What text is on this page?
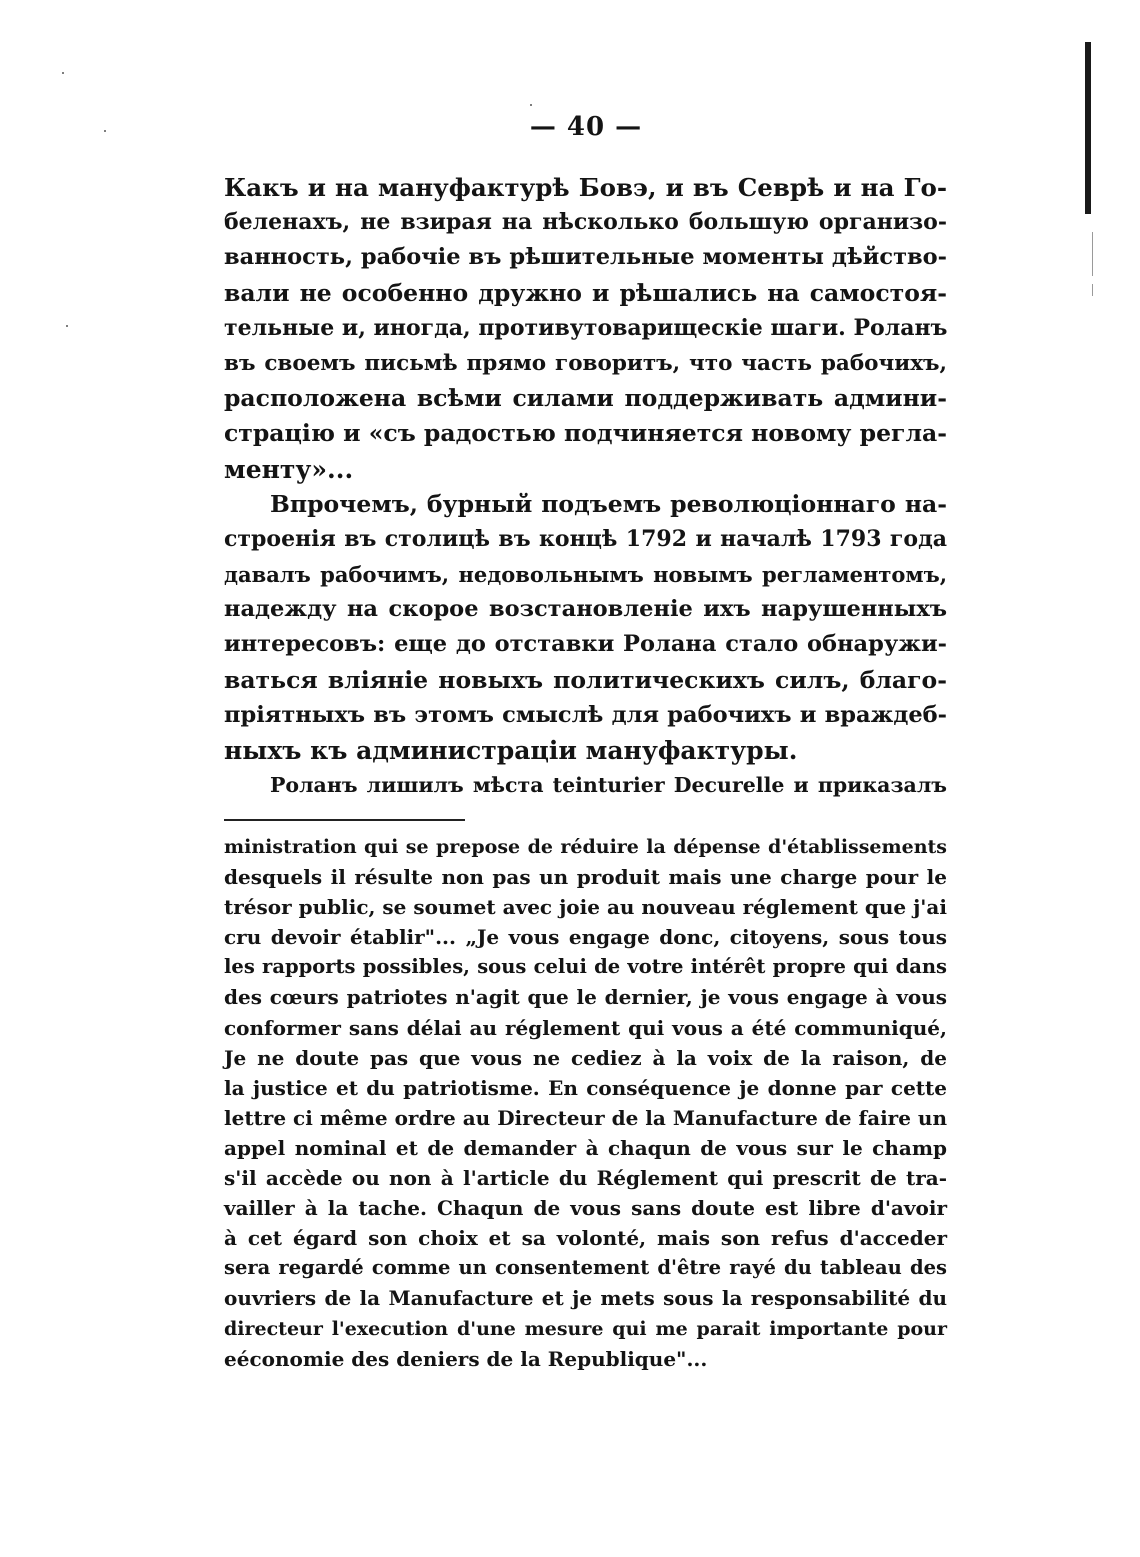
— 40 —
Какъ и на мануфактурѣ Бовэ, и въ Севрѣ и на Го-
беленахъ, не взирая на нѣсколько большую организо-
ванность, рабочіе въ рѣшительные моменты дѣйство-
вали не особенно дружно и рѣшались на самостоя-
тельные и, иногда, противутоварищескіе шаги. Роланъ
въ своемъ письмѣ прямо говоритъ, что часть рабочихъ,
расположена всѣми силами поддерживать админи-
страцію и «съ радостью подчиняется новому регла-
менту»...
Впрочемъ, бурный подъемъ революціоннаго на-
строенія въ столицѣ въ концѣ 1792 и началѣ 1793 года
давалъ рабочимъ, недовольнымъ новымъ регламентомъ,
надежду на скорое возстановленіе ихъ нарушенныхъ
интересовъ: еще до отставки Ролана стало обнаружи-
ваться вліяніе новыхъ политическихъ силъ, благо-
пріятныхъ въ этомъ смыслѣ для рабочихъ и враждеб-
ныхъ къ администраціи мануфактуры.
Роланъ лишилъ мѣста teinturier Decurelle и приказалъ
ministration qui se prepose de réduire la dépense d'établissements
desquels il résulte non pas un produit mais une charge pour le
trésor public, se soumet avec joie au nouveau réglement que j'ai
cru devoir établir"... „Je vous engage donc, citoyens, sous tous
les rapports possibles, sous celui de votre intérêt propre qui dans
des cœurs patriotes n'agit que le dernier, je vous engage à vous
conformer sans délai au réglement qui vous a été communiqué,
Je ne doute pas que vous ne cediez à la voix de la raison, de
la justice et du patriotisme. En conséquence je donne par cette
lettre ci même ordre au Directeur de la Manufacture de faire un
appel nominal et de demander à chaqun de vous sur le champ
s'il accède ou non à l'article du Réglement qui prescrit de tra-
vailler à la tache. Chaqun de vous sans doute est libre d'avoir
à cet égard son choix et sa volonté, mais son refus d'acceder
sera regardé comme un consentement d'être rayé du tableau des
ouvriers de la Manufacture et je mets sous la responsabilité du
directeur l'execution d'une mesure qui me parait importante pour
eéconomie des deniers de la Republique"...
